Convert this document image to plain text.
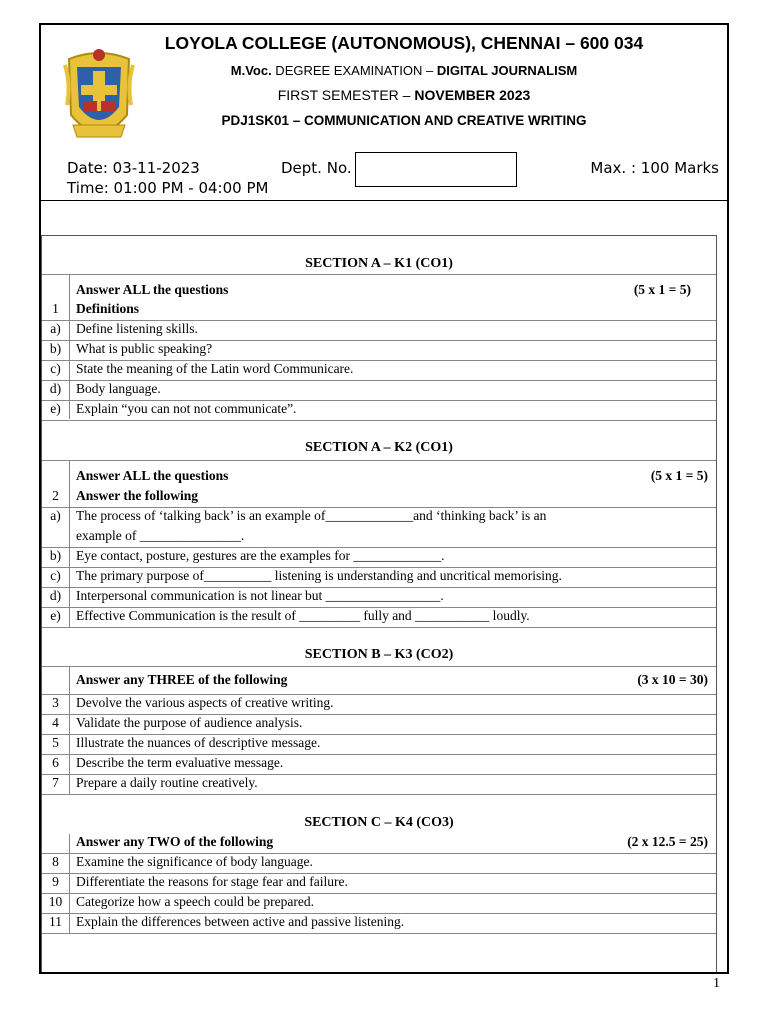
LOYOLA COLLEGE (AUTONOMOUS), CHENNAI – 600 034
M.Voc. DEGREE EXAMINATION – DIGITAL JOURNALISM
FIRST SEMESTER – NOVEMBER 2023
PDJ1SK01 – COMMUNICATION AND CREATIVE WRITING
Date: 03-11-2023
Time: 01:00 PM - 04:00 PM
Dept. No.	Max. : 100 Marks
SECTION A – K1 (CO1)
Answer ALL the questions	(5 x 1 = 5)
1	Definitions
a)	Define listening skills.
b)	What is public speaking?
c)	State the meaning of the Latin word Communicare.
d)	Body language.
e)	Explain “you can not not communicate”.
SECTION A – K2 (CO1)
Answer ALL the questions	(5 x 1 = 5)
2	Answer the following
a)	The process of ‘talking back’ is an example of_____________and ‘thinking back’ is an
example of _______________.
b)	Eye contact, posture, gestures are the examples for _____________.
c)	The primary purpose of__________ listening is understanding and uncritical memorising.
d)	Interpersonal communication is not linear but _________________.
e)	Effective Communication is the result of _________ fully and ___________ loudly.
SECTION B – K3 (CO2)
Answer any THREE of the following	(3 x 10 = 30)
3	Devolve the various aspects of creative writing.
4	Validate the purpose of audience analysis.
5	Illustrate the nuances of descriptive message.
6	Describe the term evaluative message.
7	Prepare a daily routine creatively.
SECTION C – K4 (CO3)
Answer any TWO of the following	(2 x 12.5 = 25)
8	Examine the significance of body language.
9	Differentiate the reasons for stage fear and failure.
10	Categorize how a speech could be prepared.
11	Explain the differences between active and passive listening.
1
